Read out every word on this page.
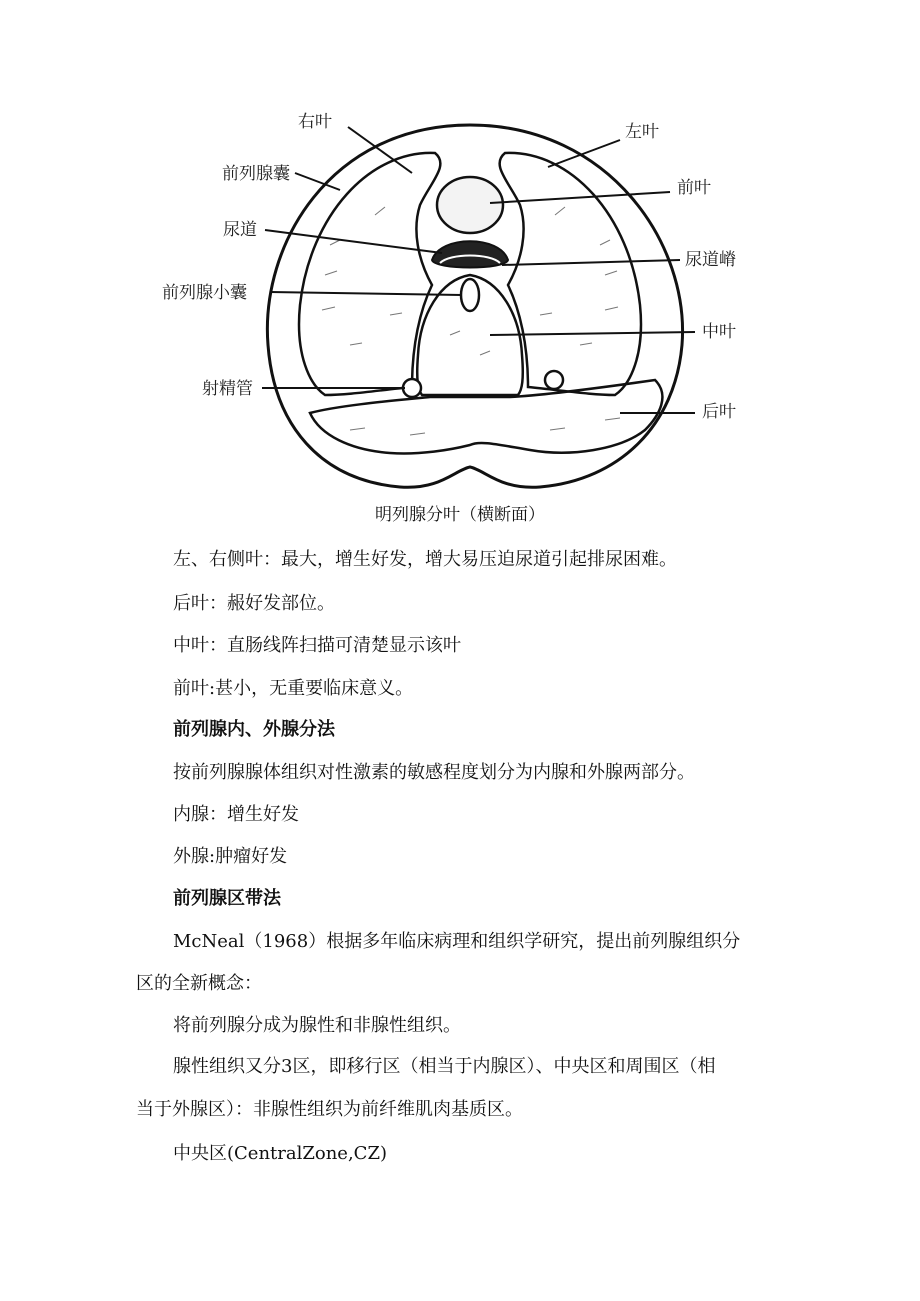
右叶	左叶
前列腺囊
前叶
尿道
尿道嵴
前列腺小囊
中叶
射精管
后叶
明列腺分叶（横断面）
左、右侧叶：最大，增生好发，增大易压迫尿道引起排尿困难。
后叶：赧好发部位。
中叶：直肠线阵扫描可清楚显示该叶
前叶:甚小，无重要临床意义。
前列腺内、外腺分法
按前列腺腺体组织对性激素的敏感程度划分为内腺和外腺两部分。
内腺：增生好发
外腺:肿瘤好发
前列腺区带法
McNeal（1968）根据多年临床病理和组织学研究，提出前列腺组织分
区的全新概念：
将前列腺分成为腺性和非腺性组织。
腺性组织又分3区，即移行区（相当于内腺区）、中央区和周围区（相
当于外腺区）：非腺性组织为前纤维肌肉基质区。
中央区(CentralZone,CZ)
